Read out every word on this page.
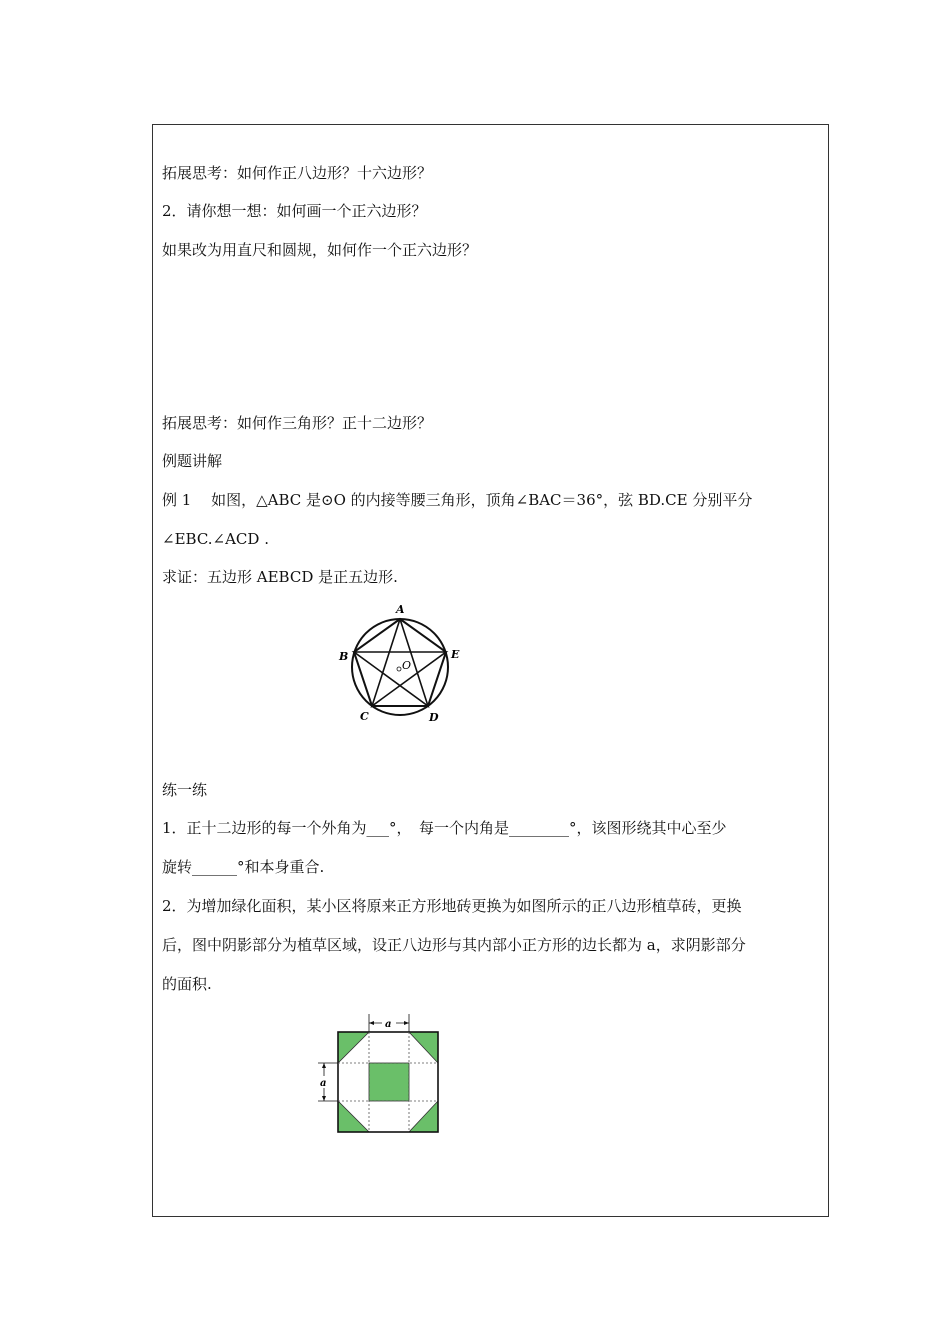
拓展思考：如何作正八边形？十六边形？
2．请你想一想：如何画一个正六边形？
如果改为用直尺和圆规，如何作一个正六边形？
拓展思考：如何作三角形？正十二边形？
例题讲解
例 1　 如图，△ABC 是⊙O 的内接等腰三角形，顶角∠BAC＝36°，弦 BD.CE 分别平分
∠EBC.∠ACD .
求证：五边形 AEBCD 是正五边形.
A
E
D
C
B
O
练一练
1．正十二边形的每一个外角为___°，　每一个内角是________°，该图形绕其中心至少
旋转______°和本身重合.
2．为增加绿化面积，某小区将原来正方形地砖更换为如图所示的正八边形植草砖，更换
后，图中阴影部分为植草区域，设正八边形与其内部小正方形的边长都为 a，求阴影部分
的面积.
a
a
